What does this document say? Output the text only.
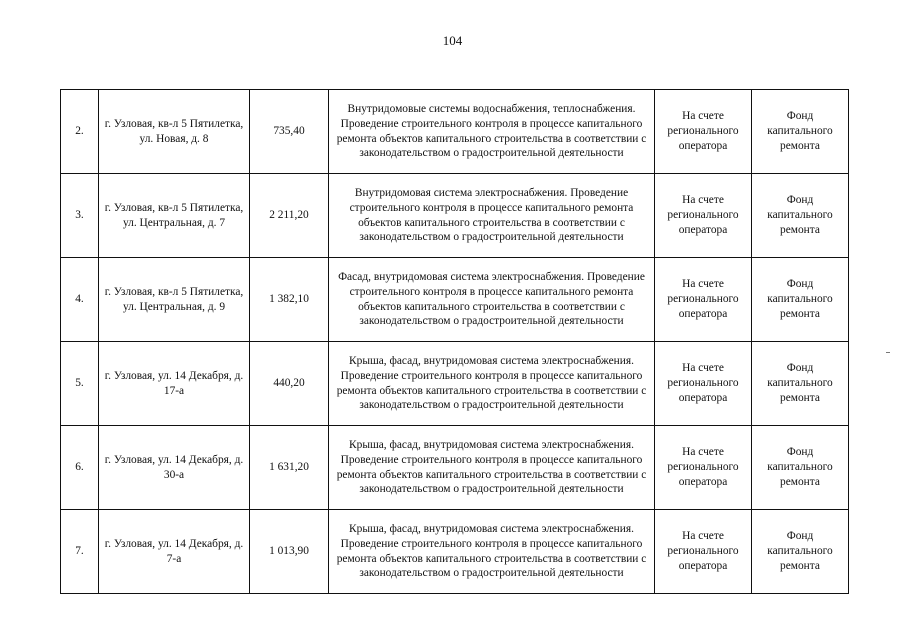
104
2.	г. Узловая, кв-л 5 Пятилетка, ул. Новая, д. 8	735,40	Внутридомовые системы водоснабжения, теплоснабжения. Проведение строительного контроля в процессе капитального ремонта объектов капитального строительства в соответствии с законодательством о градостроительной деятельности	На счете регионального оператора	Фонд капитального ремонта
3.	г. Узловая, кв-л 5 Пятилетка, ул. Центральная, д. 7	2 211,20	Внутридомовая система электроснабжения. Проведение строительного контроля в процессе капитального ремонта объектов капитального строительства в соответствии с законодательством о градостроительной деятельности	На счете регионального оператора	Фонд капитального ремонта
4.	г. Узловая, кв-л 5 Пятилетка, ул. Центральная, д. 9	1 382,10	Фасад, внутридомовая система электроснабжения. Проведение строительного контроля в процессе капитального ремонта объектов капитального строительства в соответствии с законодательством о градостроительной деятельности	На счете регионального оператора	Фонд капитального ремонта
5.	г. Узловая, ул. 14 Декабря, д. 17-а	440,20	Крыша, фасад, внутридомовая система электроснабжения. Проведение строительного контроля в процессе капитального ремонта объектов капитального строительства в соответствии с законодательством о градостроительной деятельности	На счете регионального оператора	Фонд капитального ремонта
6.	г. Узловая, ул. 14 Декабря, д. 30-а	1 631,20	Крыша, фасад, внутридомовая система электроснабжения. Проведение строительного контроля в процессе капитального ремонта объектов капитального строительства в соответствии с законодательством о градостроительной деятельности	На счете регионального оператора	Фонд капитального ремонта
7.	г. Узловая, ул. 14 Декабря, д. 7-а	1 013,90	Крыша, фасад, внутридомовая система электроснабжения. Проведение строительного контроля в процессе капитального ремонта объектов капитального строительства в соответствии с законодательством о градостроительной деятельности	На счете регионального оператора	Фонд капитального ремонта
